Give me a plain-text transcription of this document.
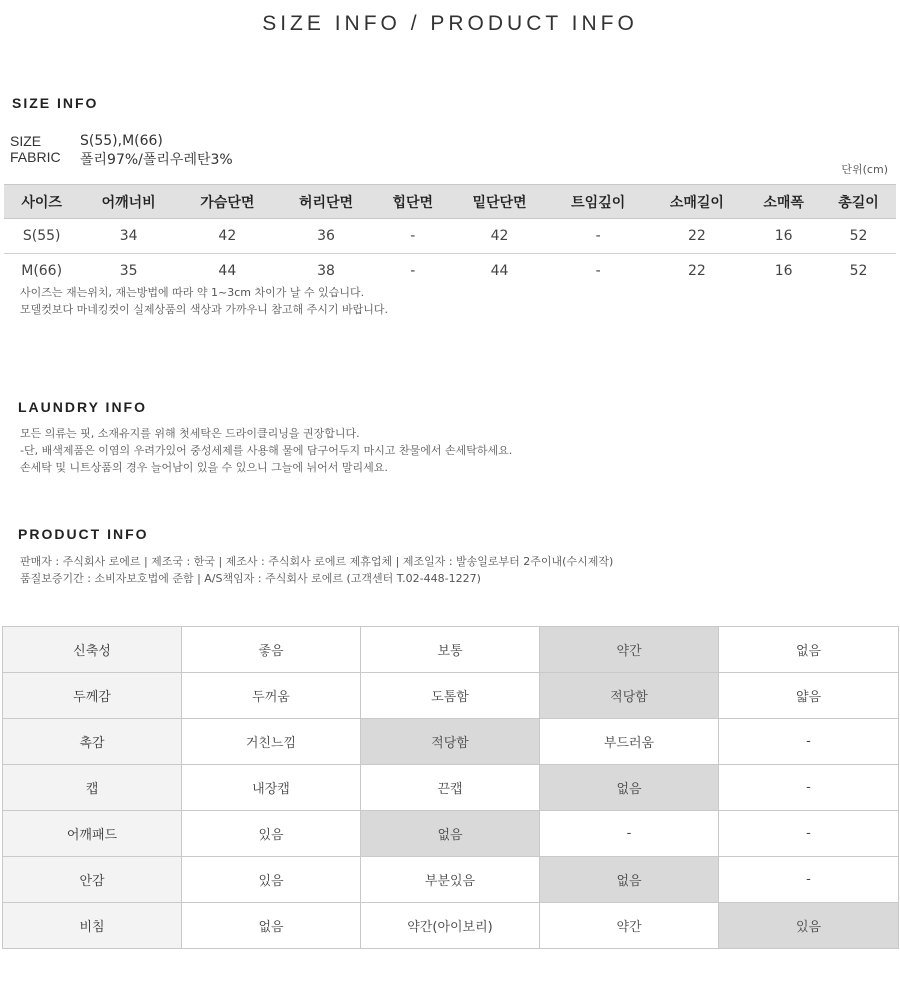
SIZE INFO / PRODUCT INFO
SIZE INFO
SIZE	S(55),M(66)
FABRIC	폴리97%/폴리우레탄3%
단위(cm)
사이즈	어깨너비	가슴단면	허리단면	힙단면	밑단단면	트임깊이	소매길이	소매폭	총길이
S(55)	34	42	36	-	42	-	22	16	52
M(66)	35	44	38	-	44	-	22	16	52
사이즈는 재는위치, 재는방법에 따라 약 1~3cm 차이가 날 수 있습니다.
모델컷보다 마네킹컷이 실제상품의 색상과 가까우니 참고해 주시기 바랍니다.
LAUNDRY INFO
모든 의류는 핏, 소재유지를 위해 첫세탁은 드라이클리닝을 권장합니다.
-단, 배색제품은 이염의 우려가있어 중성세제를 사용해 물에 담구어두지 마시고 찬물에서 손세탁하세요.
손세탁 및 니트상품의 경우 늘어남이 있을 수 있으니 그늘에 뉘어서 말리세요.
PRODUCT INFO
판매자 : 주식회사 로에르 | 제조국 : 한국 | 제조사 : 주식회사 로에르 제휴업체 | 제조일자 : 발송일로부터 2주이내(수시제작)
품질보증기간 : 소비자보호법에 준함 | A/S책임자 : 주식회사 로에르 (고객센터 T.02-448-1227)
신축성	좋음	보통	약간	없음
두께감	두꺼움	도톰함	적당함	얇음
촉감	거친느낌	적당함	부드러움	-
캡	내장캡	끈캡	없음	-
어깨패드	있음	없음	-	-
안감	있음	부분있음	없음	-
비침	없음	약간(아이보리)	약간	있음
